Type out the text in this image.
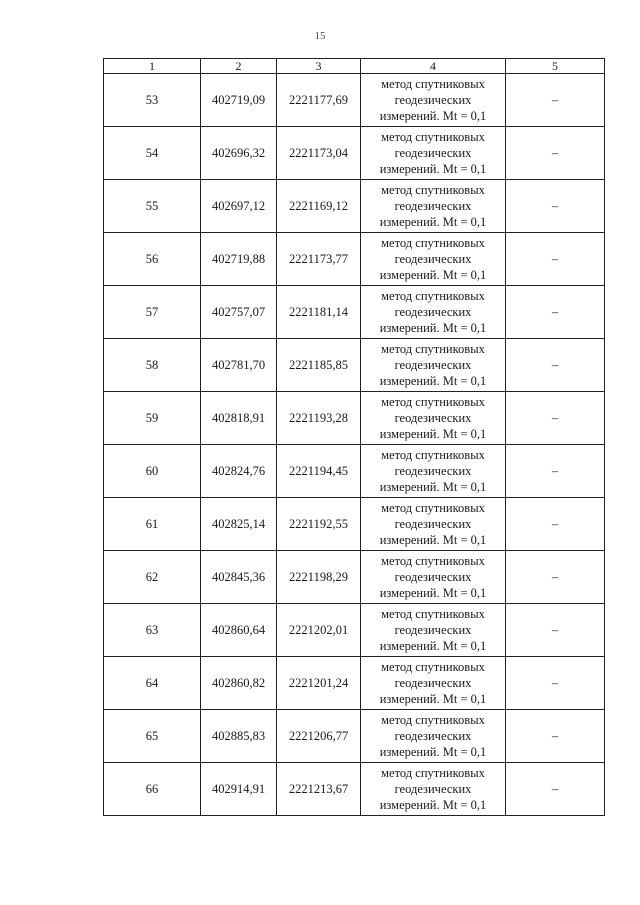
15
1	2	3	4	5
53	402719,09	2221177,69	метод спутниковых
геодезических
измерений. Mt = 0,1	–
54	402696,32	2221173,04	метод спутниковых
геодезических
измерений. Mt = 0,1	–
55	402697,12	2221169,12	метод спутниковых
геодезических
измерений. Mt = 0,1	–
56	402719,88	2221173,77	метод спутниковых
геодезических
измерений. Mt = 0,1	–
57	402757,07	2221181,14	метод спутниковых
геодезических
измерений. Mt = 0,1	–
58	402781,70	2221185,85	метод спутниковых
геодезических
измерений. Mt = 0,1	–
59	402818,91	2221193,28	метод спутниковых
геодезических
измерений. Mt = 0,1	–
60	402824,76	2221194,45	метод спутниковых
геодезических
измерений. Mt = 0,1	–
61	402825,14	2221192,55	метод спутниковых
геодезических
измерений. Mt = 0,1	–
62	402845,36	2221198,29	метод спутниковых
геодезических
измерений. Mt = 0,1	–
63	402860,64	2221202,01	метод спутниковых
геодезических
измерений. Mt = 0,1	–
64	402860,82	2221201,24	метод спутниковых
геодезических
измерений. Mt = 0,1	–
65	402885,83	2221206,77	метод спутниковых
геодезических
измерений. Mt = 0,1	–
66	402914,91	2221213,67	метод спутниковых
геодезических
измерений. Mt = 0,1	–
